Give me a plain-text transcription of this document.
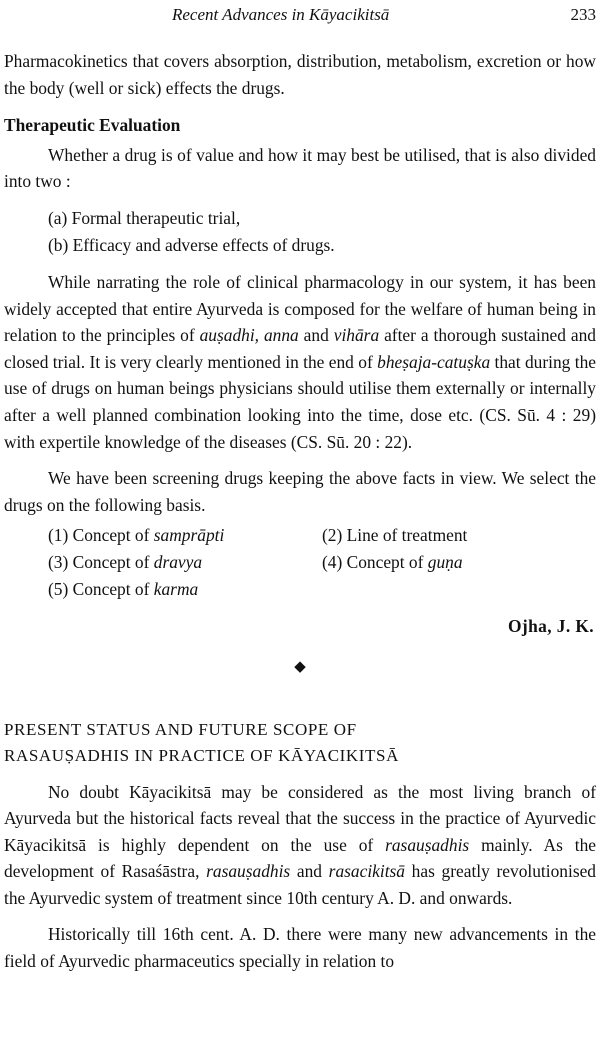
Recent Advances in Kāyacikitsā	233

Pharmacokinetics that covers absorption, distribution, metabolism, excretion or how the body (well or sick) effects the drugs.

Therapeutic Evaluation

Whether a drug is of value and how it may best be utilised, that is also divided into two :

(a) Formal therapeutic trial,
(b) Efficacy and adverse effects of drugs.

While narrating the role of clinical pharmacology in our system, it has been widely accepted that entire Ayurveda is composed for the welfare of human being in relation to the principles of auṣadhi, anna and vihāra after a thorough sustained and closed trial. It is very clearly mentioned in the end of bheṣaja-catuṣka that during the use of drugs on human beings physicians should utilise them externally or internally after a well planned combination looking into the time, dose etc. (CS. Sū. 4 : 29) with expertile knowledge of the diseases (CS. Sū. 20 : 22).

We have been screening drugs keeping the above facts in view. We select the drugs on the following basis.

(1) Concept of samprāpti	(2) Line of treatment
(3) Concept of dravya	(4) Concept of guṇa
(5) Concept of karma
Ojha, J. K.
◆
PRESENT STATUS AND FUTURE SCOPE OF
RASAUṢADHIS IN PRACTICE OF KĀYACIKITSĀ

No doubt Kāyacikitsā may be considered as the most living branch of Ayurveda but the historical facts reveal that the success in the practice of Ayurvedic Kāyacikitsā is highly dependent on the use of rasauṣadhis mainly. As the development of Rasaśāstra, rasauṣadhis and rasacikitsā has greatly revolutionised the Ayurvedic system of treatment since 10th century A. D. and onwards.

Historically till 16th cent. A. D. there were many new advancements in the field of Ayurvedic pharmaceutics specially in relation to
